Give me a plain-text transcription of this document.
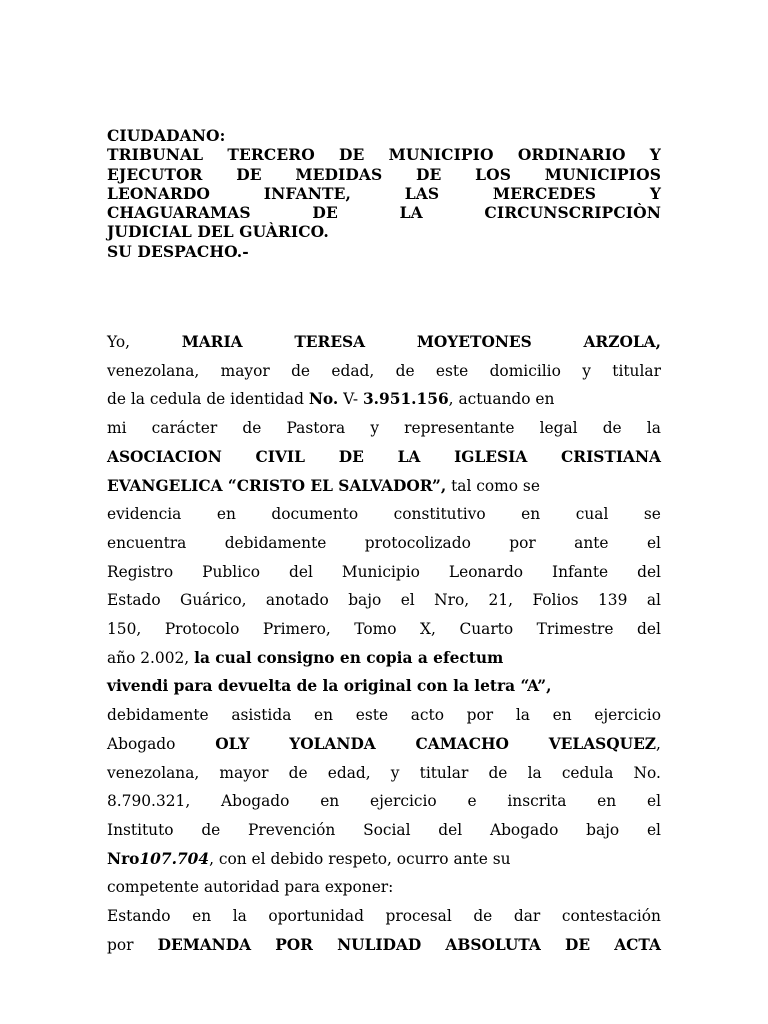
CIUDADANO:
TRIBUNAL TERCERO DE MUNICIPIO ORDINARIO Y
EJECUTOR DE MEDIDAS DE LOS MUNICIPIOS
LEONARDO	INFANTE,	LAS	MERCEDES	Y
CHAGUARAMAS	DE	LA	CIRCUNSCRIPCIÒN
JUDICIAL DEL GUÀRICO.
SU DESPACHO.-
Yo,	MARIA	TERESA	MOYETONES	ARZOLA,
venezolana, mayor de edad, de este domicilio y titular
de la cedula de identidad No. V- 3.951.156, actuando en
mi carácter de Pastora y representante legal de la
ASOCIACION CIVIL DE LA IGLESIA CRISTIANA
EVANGELICA “CRISTO EL SALVADOR”, tal como se
evidencia en documento constitutivo en cual se
encuentra debidamente protocolizado por ante el
Registro Publico del Municipio Leonardo Infante del
Estado Guárico, anotado bajo el Nro, 21, Folios 139 al
150, Protocolo Primero, Tomo X, Cuarto Trimestre del
año 2.002, la cual consigno en copia a efectum
vivendi para devuelta de la original con la letra “A”,
debidamente asistida en este acto por la en ejercicio
Abogado	OLY	YOLANDA	CAMACHO	VELASQUEZ,
venezolana, mayor de edad, y titular de la cedula No.
8.790.321, Abogado en ejercicio e inscrita en el
Instituto de Prevención Social del Abogado bajo el
Nro107.704, con el debido respeto, ocurro ante su
competente autoridad para exponer:
Estando en la oportunidad procesal de dar contestación
por DEMANDA POR NULIDAD ABSOLUTA DE ACTA
